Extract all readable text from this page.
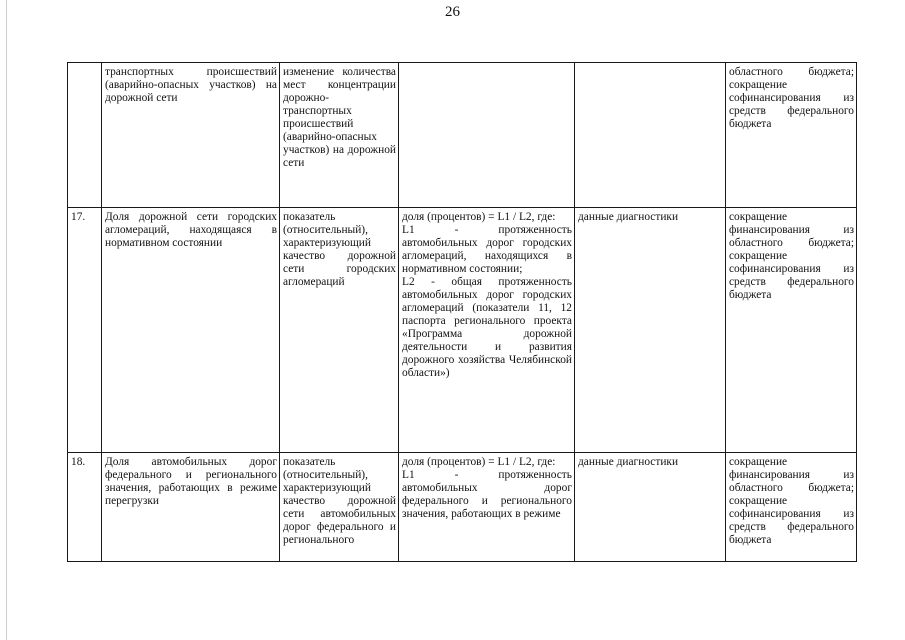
26
	транспортных происшествий (аварийно-опасных участков) на дорожной сети	изменение количества мест концентрации дорожно-транспортных происшествий (аварийно-опасных участков) на дорожной сети			областного бюджета; сокращение софинансирования из средств федерального бюджета
17.	Доля дорожной сети городских агломераций, находящаяся в нормативном состоянии	показатель (относительный), характеризующий качество дорожной сети городских агломераций	доля (процентов) = L1 / L2, где:
L1 - протяженность автомобильных дорог городских агломераций, находящихся в нормативном состоянии;
L2 - общая протяженность автомобильных дорог городских агломераций (показатели 11, 12 паспорта регионального проекта «Программа дорожной деятельности и развития дорожного хозяйства Челябинской области»)	данные диагностики	сокращение финансирования из областного бюджета; сокращение софинансирования из средств федерального бюджета
18.	Доля автомобильных дорог федерального и регионального значения, работающих в режиме перегрузки	показатель (относительный), характеризующий качество дорожной сети автомобильных дорог федерального и регионального	доля (процентов) = L1 / L2, где:
L1 - протяженность автомобильных дорог федерального и регионального значения, работающих в режиме	данные диагностики	сокращение финансирования из областного бюджета; сокращение софинансирования из средств федерального бюджета
